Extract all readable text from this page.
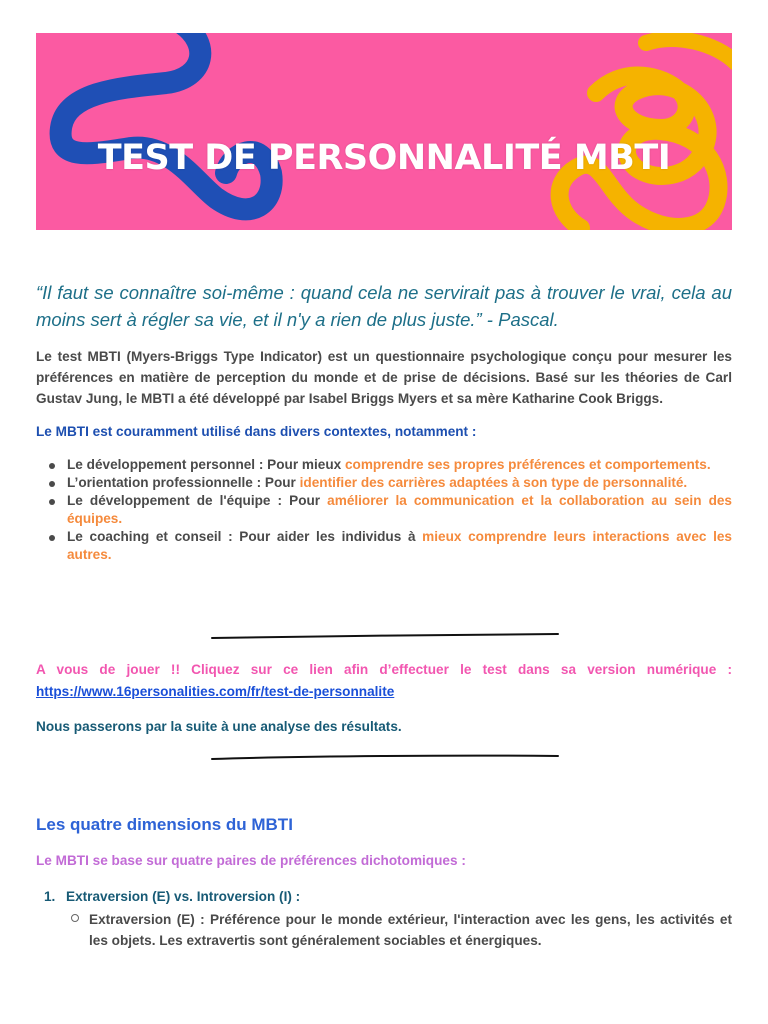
TEST DE PERSONNALITÉ MBTI
“Il faut se connaître soi-même : quand cela ne servirait pas à trouver le vrai, cela au moins sert à régler sa vie, et il n'y a rien de plus juste.” - Pascal.
Le test MBTI (Myers-Briggs Type Indicator) est un questionnaire psychologique conçu pour mesurer les préférences en matière de perception du monde et de prise de décisions. Basé sur les théories de Carl Gustav Jung, le MBTI a été développé par Isabel Briggs Myers et sa mère Katharine Cook Briggs.
Le MBTI est couramment utilisé dans divers contextes, notamment :
Le développement personnel : Pour mieux comprendre ses propres préférences et comportements.
L’orientation professionnelle : Pour identifier des carrières adaptées à son type de personnalité.
Le développement de l'équipe : Pour améliorer la communication et la collaboration au sein des équipes.
Le coaching et conseil : Pour aider les individus à mieux comprendre leurs interactions avec les autres.
A vous de jouer !! Cliquez sur ce lien afin d’effectuer le test dans sa version numérique : https://www.16personalities.com/fr/test-de-personnalite
Nous passerons par la suite à une analyse des résultats.
Les quatre dimensions du MBTI
Le MBTI se base sur quatre paires de préférences dichotomiques :
1. Extraversion (E) vs. Introversion (I) :
Extraversion (E) : Préférence pour le monde extérieur, l'interaction avec les gens, les activités et les objets. Les extravertis sont généralement sociables et énergiques.
